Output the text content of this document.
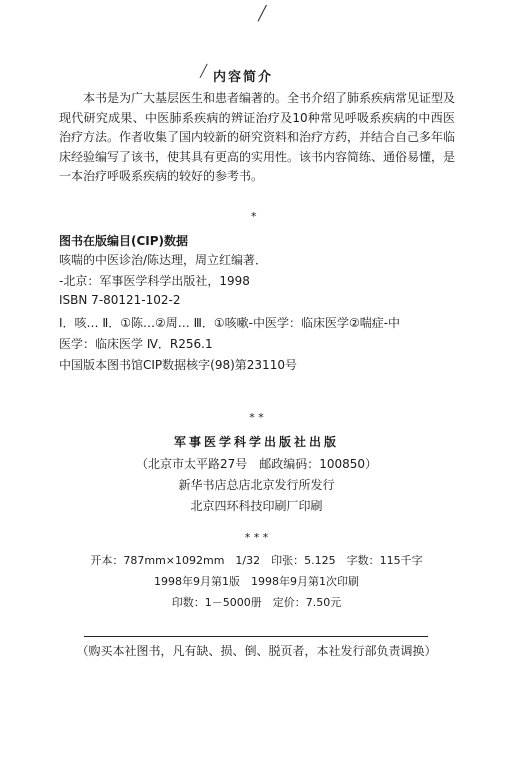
╱
╱ 内容简介

本书是为广大基层医生和患者编著的。全书介绍了肺系疾病常见证型及现代研究成果、中医肺系疾病的辨证治疗及10种常见呼吸系疾病的中西医治疗方法。作者收集了国内较新的研究资料和治疗方药，并结合自己多年临床经验编写了该书，使其具有更高的实用性。该书内容简练、通俗易懂，是一本治疗呼吸系疾病的较好的参考书。

*
图书在版编目(CIP)数据
咳喘的中医诊治/陈达理，周立红编著．
-北京：军事医学科学出版社，1998
ISBN 7-80121-102-2
Ⅰ．咳… Ⅱ．①陈…②周… Ⅲ．①咳嗽-中医学：临床医学②喘症-中
医学：临床医学 Ⅳ．R256.1
中国版本图书馆CIP数据核字(98)第23110号
* *
军事医学科学出版社出版
（北京市太平路27号　邮政编码：100850）
新华书店总店北京发行所发行
北京四环科技印刷厂印刷
* * *
开本：787mm×1092mm　1/32　印张：5.125　字数：115千字
1998年9月第1版　1998年9月第1次印刷
印数：1－5000册　定价：7.50元
（购买本社图书，凡有缺、损、倒、脱页者，本社发行部负责调换）
